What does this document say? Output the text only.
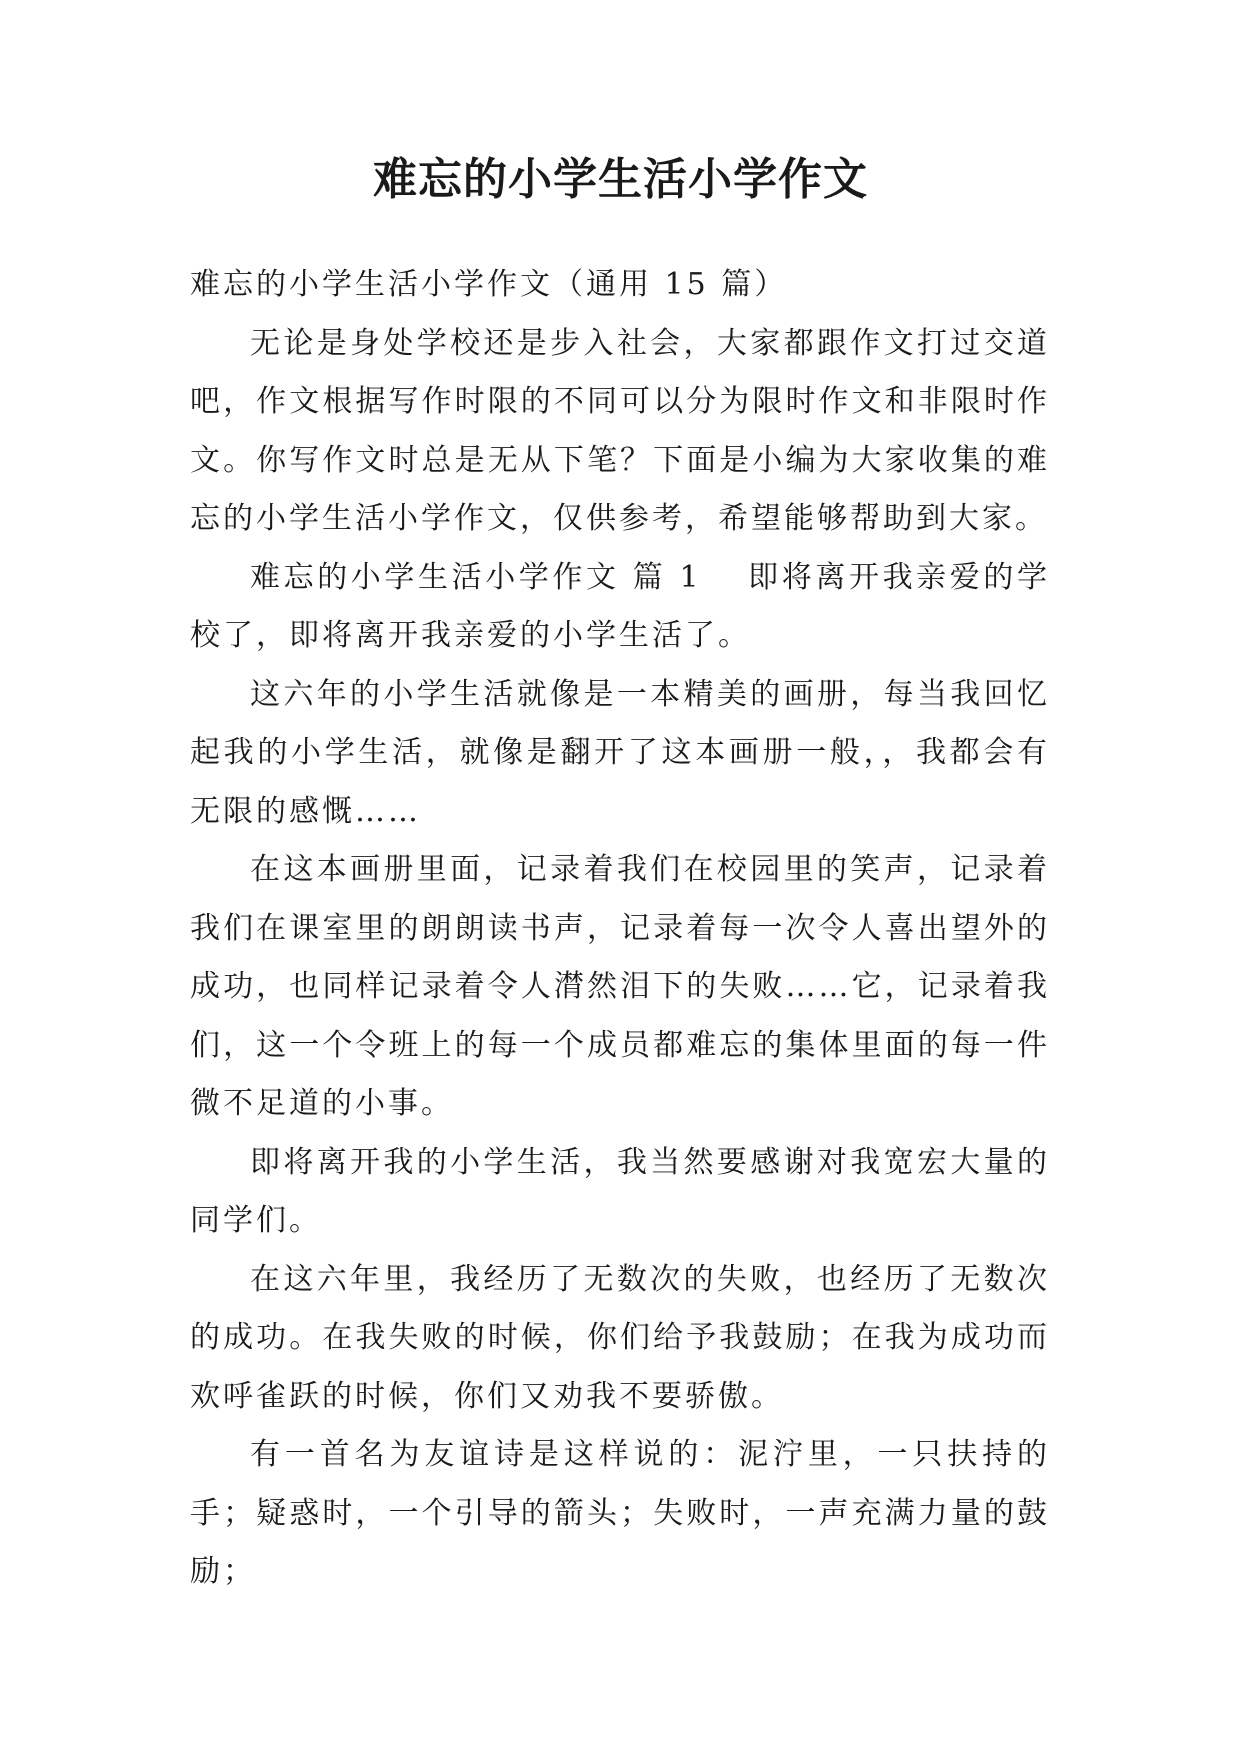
难忘的小学生活小学作文

难忘的小学生活小学作文（通用 15 篇）

无论是身处学校还是步入社会，大家都跟作文打过交道吧，作文根据写作时限的不同可以分为限时作文和非限时作文。你写作文时总是无从下笔？下面是小编为大家收集的难忘的小学生活小学作文，仅供参考，希望能够帮助到大家。

难忘的小学生活小学作文 篇 1 即将离开我亲爱的学校了，即将离开我亲爱的小学生活了。

这六年的小学生活就像是一本精美的画册，每当我回忆起我的小学生活，就像是翻开了这本画册一般，，我都会有无限的感慨……

在这本画册里面，记录着我们在校园里的笑声，记录着我们在课室里的朗朗读书声，记录着每一次令人喜出望外的成功，也同样记录着令人潸然泪下的失败……它，记录着我们，这一个令班上的每一个成员都难忘的集体里面的每一件微不足道的小事。

即将离开我的小学生活，我当然要感谢对我宽宏大量的同学们。

在这六年里，我经历了无数次的失败，也经历了无数次的成功。在我失败的时候，你们给予我鼓励；在我为成功而欢呼雀跃的时候，你们又劝我不要骄傲。

有一首名为友谊诗是这样说的：泥泞里，一只扶持的手；疑惑时，一个引导的箭头；失败时，一声充满力量的鼓励；
